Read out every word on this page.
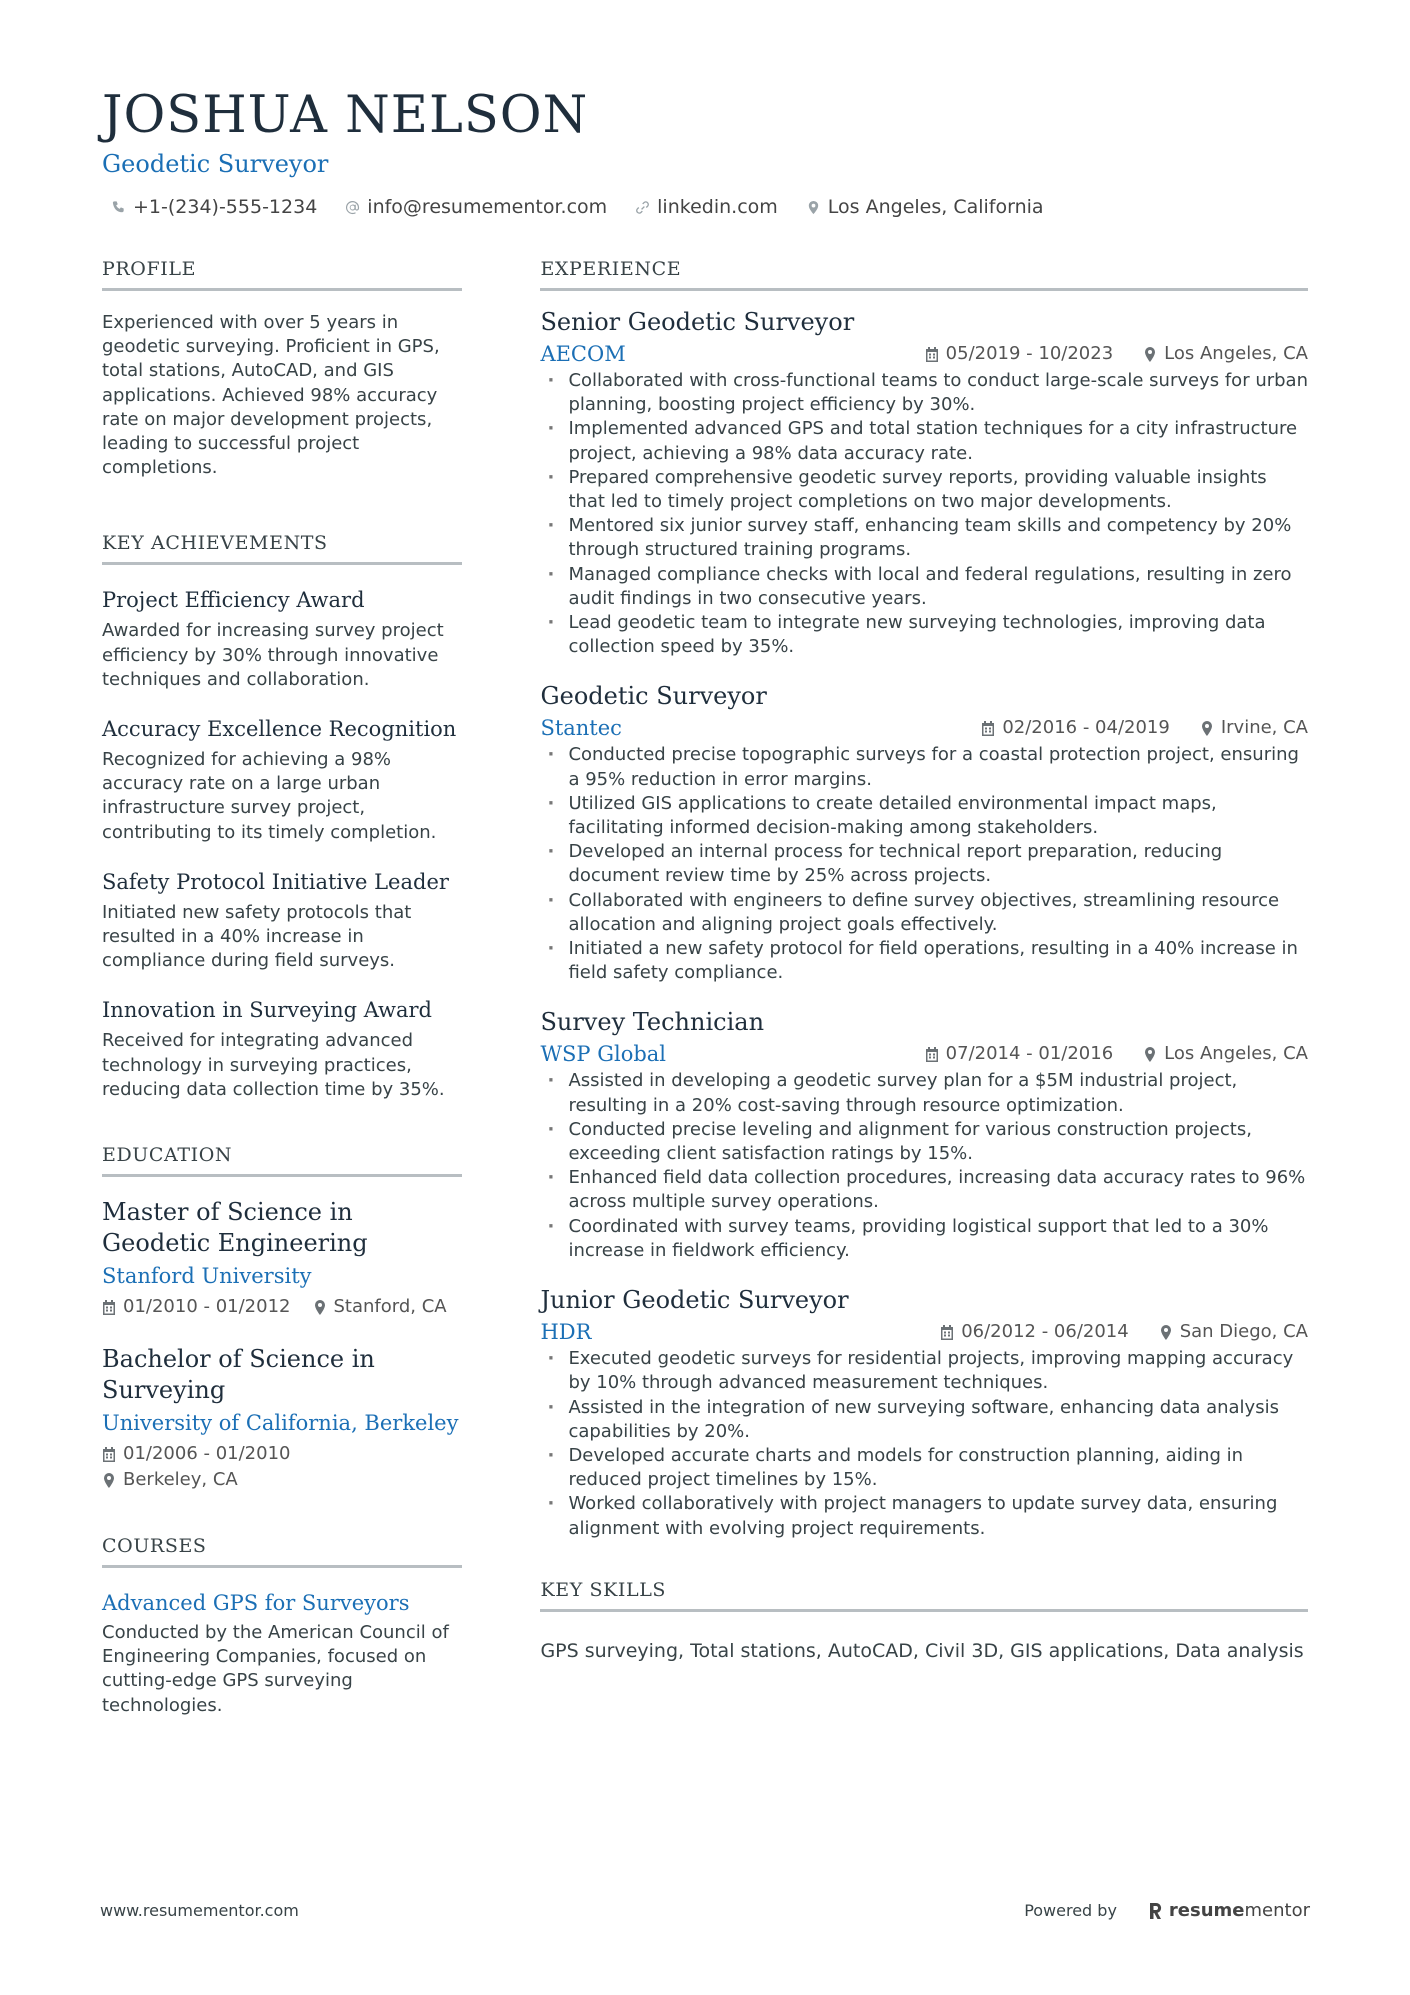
JOSHUA NELSON
Geodetic Surveyor
+1-(234)-555-1234	info@resumementor.com	linkedin.com	Los Angeles, California
PROFILE

Experienced with over 5 years in geodetic surveying. Proficient in GPS, total stations, AutoCAD, and GIS applications. Achieved 98% accuracy rate on major development projects, leading to successful project completions.

KEY ACHIEVEMENTS
Project Efficiency Award

Awarded for increasing survey project efficiency by 30% through innovative techniques and collaboration.

Accuracy Excellence Recognition

Recognized for achieving a 98% accuracy rate on a large urban infrastructure survey project, contributing to its timely completion.

Safety Protocol Initiative Leader

Initiated new safety protocols that resulted in a 40% increase in compliance during field surveys.

Innovation in Surveying Award

Received for integrating advanced technology in surveying practices, reducing data collection time by 35%.

EDUCATION
Master of Science in Geodetic Engineering
Stanford University
01/2010 - 01/2012 Stanford, CA
Bachelor of Science in Surveying
University of California, Berkeley
01/2006 - 01/2010
Berkeley, CA
COURSES
Advanced GPS for Surveyors

Conducted by the American Council of Engineering Companies, focused on cutting-edge GPS surveying technologies.

EXPERIENCE
Senior Geodetic Surveyor
AECOM	05/2019 - 10/2023	Los Angeles, CA
· Collaborated with cross-functional teams to conduct large-scale surveys for urban planning, boosting project efficiency by 30%.
· Implemented advanced GPS and total station techniques for a city infrastructure project, achieving a 98% data accuracy rate.
· Prepared comprehensive geodetic survey reports, providing valuable insights that led to timely project completions on two major developments.
· Mentored six junior survey staff, enhancing team skills and competency by 20% through structured training programs.
· Managed compliance checks with local and federal regulations, resulting in zero audit findings in two consecutive years.
· Lead geodetic team to integrate new surveying technologies, improving data collection speed by 35%.
Geodetic Surveyor
Stantec	02/2016 - 04/2019	Irvine, CA
· Conducted precise topographic surveys for a coastal protection project, ensuring a 95% reduction in error margins.
· Utilized GIS applications to create detailed environmental impact maps, facilitating informed decision-making among stakeholders.
· Developed an internal process for technical report preparation, reducing document review time by 25% across projects.
· Collaborated with engineers to define survey objectives, streamlining resource allocation and aligning project goals effectively.
· Initiated a new safety protocol for field operations, resulting in a 40% increase in field safety compliance.
Survey Technician
WSP Global	07/2014 - 01/2016	Los Angeles, CA
· Assisted in developing a geodetic survey plan for a $5M industrial project, resulting in a 20% cost-saving through resource optimization.
· Conducted precise leveling and alignment for various construction projects, exceeding client satisfaction ratings by 15%.
· Enhanced field data collection procedures, increasing data accuracy rates to 96% across multiple survey operations.
· Coordinated with survey teams, providing logistical support that led to a 30% increase in fieldwork efficiency.
Junior Geodetic Surveyor
HDR	06/2012 - 06/2014	San Diego, CA
· Executed geodetic surveys for residential projects, improving mapping accuracy by 10% through advanced measurement techniques.
· Assisted in the integration of new surveying software, enhancing data analysis capabilities by 20%.
· Developed accurate charts and models for construction planning, aiding in reduced project timelines by 15%.
· Worked collaboratively with project managers to update survey data, ensuring alignment with evolving project requirements.
KEY SKILLS

GPS surveying, Total stations, AutoCAD, Civil 3D, GIS applications, Data analysis

www.resumementor.com	Powered by	resume mentor
